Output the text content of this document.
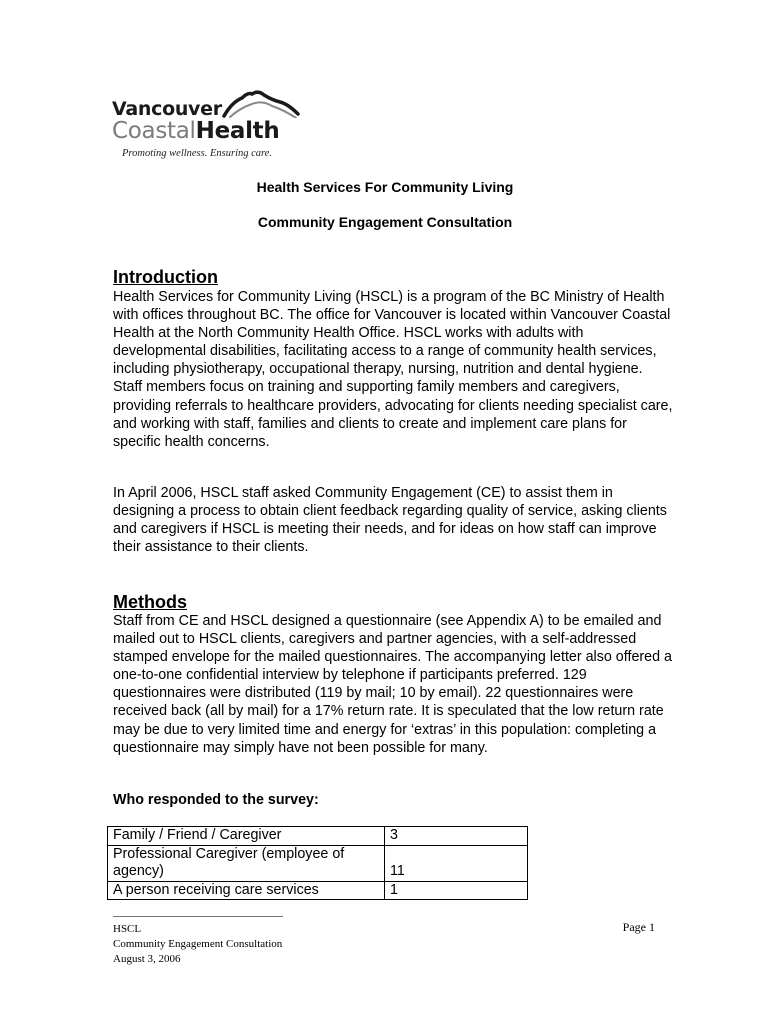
Vancouver
CoastalHealth
Promoting wellness. Ensuring care.
Health Services For Community Living
Community Engagement Consultation
Introduction

Health Services for Community Living (HSCL) is a program of the BC Ministry of Health with offices throughout BC. The office for Vancouver is located within Vancouver Coastal Health at the North Community Health Office. HSCL works with adults with developmental disabilities, facilitating access to a range of community health services, including physiotherapy, occupational therapy, nursing, nutrition and dental hygiene. Staff members focus on training and supporting family members and caregivers, providing referrals to healthcare providers, advocating for clients needing specialist care, and working with staff, families and clients to create and implement care plans for specific health concerns.

In April 2006, HSCL staff asked Community Engagement (CE) to assist them in designing a process to obtain client feedback regarding quality of service, asking clients and caregivers if HSCL is meeting their needs, and for ideas on how staff can improve their assistance to their clients.

Methods

Staff from CE and HSCL designed a questionnaire (see Appendix A) to be emailed and mailed out to HSCL clients, caregivers and partner agencies, with a self-addressed stamped envelope for the mailed questionnaires. The accompanying letter also offered a one-to-one confidential interview by telephone if participants preferred. 129 questionnaires were distributed (119 by mail; 10 by email). 22 questionnaires were received back (all by mail) for a 17% return rate. It is speculated that the low return rate may be due to very limited time and energy for ‘extras’ in this population: completing a questionnaire may simply have not been possible for many.

Who responded to the survey:

Family / Friend / Caregiver	3
Professional Caregiver (employee of agency)	11
A person receiving care services	1
HSCL
Community Engagement Consultation
August 3, 2006
Page 1
